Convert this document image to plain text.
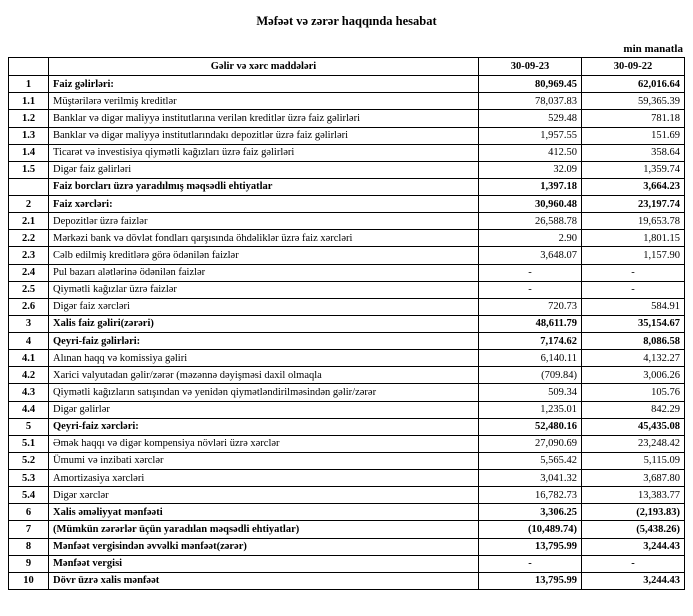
Məfəət və zərər haqqında hesabat
min manatla
	Gəlir və xərc maddələri	30-09-23	30-09-22
1	Faiz gəlirləri:	80,969.45	62,016.64
1.1	Müştərilərə verilmiş kreditlər	78,037.83	59,365.39
1.2	Banklar və digər maliyyə institutlarına verilən kreditlər üzrə faiz gəlirləri	529.48	781.18
1.3	Banklar və digər maliyyə institutlarındakı depozitlər üzrə faiz gəlirləri	1,957.55	151.69
1.4	Ticarət və investisiya qiymətli kağızları üzrə faiz gəlirləri	412.50	358.64
1.5	Digər faiz gəlirləri	32.09	1,359.74
	Faiz borcları üzrə yaradılmış məqsədli ehtiyatlar	1,397.18	3,664.23
2	Faiz xərcləri:	30,960.48	23,197.74
2.1	Depozitlər üzrə faizlər	26,588.78	19,653.78
2.2	Mərkəzi bank və dövlət fondları qarşısında öhdəliklər üzrə faiz xərcləri	2.90	1,801.15
2.3	Cəlb edilmiş kreditlərə görə ödənilən faizlər	3,648.07	1,157.90
2.4	Pul bazarı alətlərinə ödənilən faizlər	-	-
2.5	Qiymətli kağızlar üzrə faizlər	-	-
2.6	Digər faiz xərcləri	720.73	584.91
3	Xalis faiz gəliri(zərəri)	48,611.79	35,154.67
4	Qeyri-faiz gəlirləri:	7,174.62	8,086.58
4.1	Alınan haqq və komissiya gəliri	6,140.11	4,132.27
4.2	Xarici valyutadan gəlir/zərər (məzənnə dəyişməsi daxil olmaqla	(709.84)	3,006.26
4.3	Qiymətli kağızların satışından və yenidən qiymətləndirilməsindən gəlir/zərər	509.34	105.76
4.4	Digər gəlirlər	1,235.01	842.29
5	Qeyri-faiz xərcləri:	52,480.16	45,435.08
5.1	Əmək haqqı və digər kompensiya növləri üzrə xərclər	27,090.69	23,248.42
5.2	Ümumi və inzibati xərclər	5,565.42	5,115.09
5.3	Amortizasiya xərcləri	3,041.32	3,687.80
5.4	Digər xərclər	16,782.73	13,383.77
6	Xalis əməliyyat mənfəəti	3,306.25	(2,193.83)
7	(Mümkün zərərlər üçün yaradılan məqsədli ehtiyatlar)	(10,489.74)	(5,438.26)
8	Mənfəət vergisindən əvvəlki mənfəət(zərər)	13,795.99	3,244.43
9	Mənfəət vergisi	-	-
10	Dövr üzrə xalis mənfəət	13,795.99	3,244.43
